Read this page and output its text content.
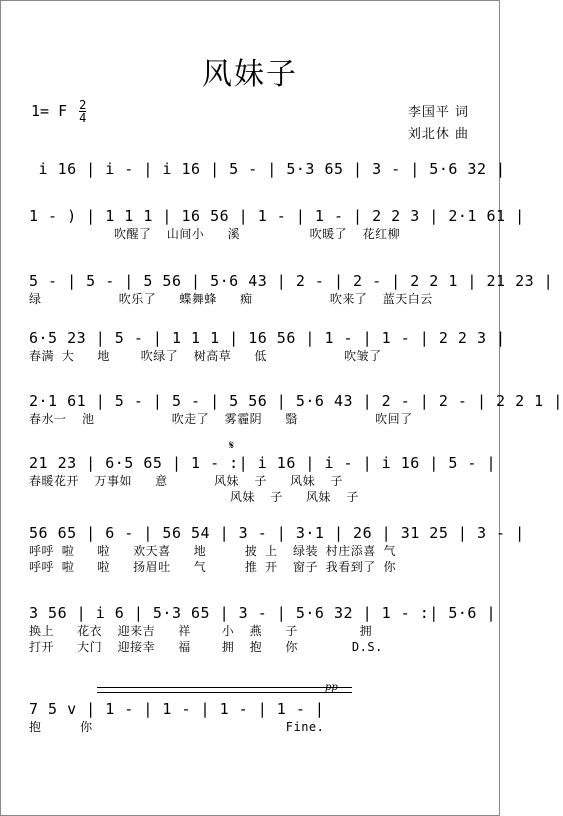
风妹子
1= F $\frac{2}{4}$	李国平 词
刘北休 曲
𝄋
i 16 | i - | i 16 | 5 - | 5·3 65 | 3 - | 5·6 32 |
1 - ) | 1 1 1 | 16 56 | 1 - | 1 - | 2 2 3 | 2·1 61 |
吹醒了  山间小   溪         吹暖了  花红柳
5 - | 5 - | 5 56 | 5·6 43 | 2 - | 2 - | 2 2 1 | 21 23 |
绿          吹乐了   蝶舞蜂   痴          吹来了  蓝天白云
6·5 23 | 5 - | 1 1 1 | 16 56 | 1 - | 1 - | 2 2 3 |
春满 大   地    吹绿了  树高草   低          吹皱了
2·1 61 | 5 - | 5 - | 5 56 | 5·6 43 | 2 - | 2 - | 2 2 1 |
春水一  池          吹走了  雾霾阴   翳          吹回了
21 23 | 6·5 65 | 1 - :| i 16 | i - | i 16 | 5 - |
春暖花开  万事如   意      风妹  子   风妹  子
风妹  子   风妹  子
56 65 | 6 - | 56 54 | 3 - | 3·1 | 26 | 31 25 | 3 - |
呼呼 啦   啦   欢天喜   地     披 上  绿装 村庄添喜 气
呼呼 啦   啦   扬眉吐   气     推 开  窗子 我看到了 你
3 56 | i 6 | 5·3 65 | 3 - | 5·6 32 | 1 - :| 5·6 |
换上   花衣  迎来吉   祥    小  燕   子        拥
打开   大门  迎接幸   福    拥  抱   你       D.S.
7 5 v | 1 - | 1 - | 1 - | 1 - |
抱     你                         Fine.
pp
